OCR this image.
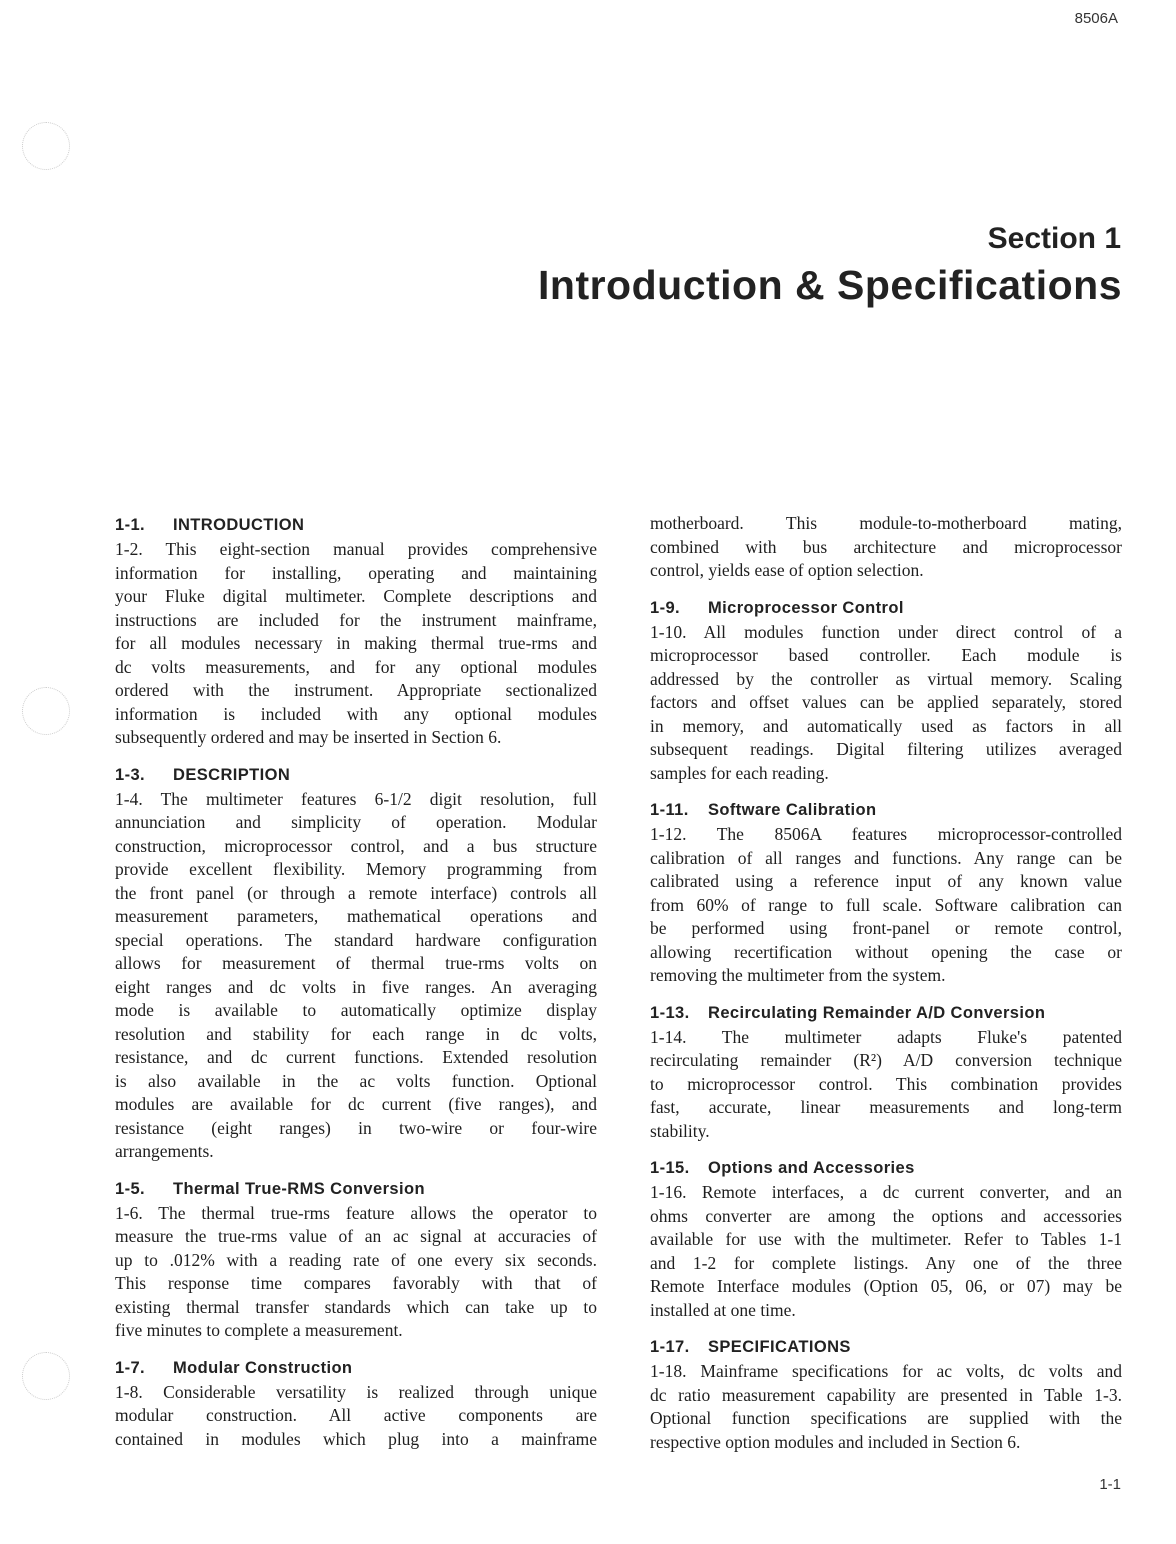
8506A
Section 1
Introduction & Specifications
1-1. INTRODUCTION
1-2. This eight-section manual provides comprehensive
information for installing, operating and maintaining
your Fluke digital multimeter. Complete descriptions and
instructions are included for the instrument mainframe,
for all modules necessary in making thermal true-rms and
dc volts measurements, and for any optional modules
ordered with the instrument. Appropriate sectionalized
information is included with any optional modules
subsequently ordered and may be inserted in Section 6.
1-3. DESCRIPTION
1-4. The multimeter features 6-1/2 digit resolution, full
annunciation and simplicity of operation. Modular
construction, microprocessor control, and a bus structure
provide excellent flexibility. Memory programming from
the front panel (or through a remote interface) controls all
measurement parameters, mathematical operations and
special operations. The standard hardware configuration
allows for measurement of thermal true-rms volts on
eight ranges and dc volts in five ranges. An averaging
mode is available to automatically optimize display
resolution and stability for each range in dc volts,
resistance, and dc current functions. Extended resolution
is also available in the ac volts function. Optional
modules are available for dc current (five ranges), and
resistance (eight ranges) in two-wire or four-wire
arrangements.
1-5. Thermal True-RMS Conversion
1-6. The thermal true-rms feature allows the operator to
measure the true-rms value of an ac signal at accuracies of
up to .012% with a reading rate of one every six seconds.
This response time compares favorably with that of
existing thermal transfer standards which can take up to
five minutes to complete a measurement.
1-7. Modular Construction
1-8. Considerable versatility is realized through unique
modular construction. All active components are
contained in modules which plug into a mainframe
motherboard. This module-to-motherboard mating,
combined with bus architecture and microprocessor
control, yields ease of option selection.
1-9. Microprocessor Control
1-10. All modules function under direct control of a
microprocessor based controller. Each module is
addressed by the controller as virtual memory. Scaling
factors and offset values can be applied separately, stored
in memory, and automatically used as factors in all
subsequent readings. Digital filtering utilizes averaged
samples for each reading.
1-11. Software Calibration
1-12. The 8506A features microprocessor-controlled
calibration of all ranges and functions. Any range can be
calibrated using a reference input of any known value
from 60% of range to full scale. Software calibration can
be performed using front-panel or remote control,
allowing recertification without opening the case or
removing the multimeter from the system.
1-13. Recirculating Remainder A/D Conversion
1-14. The multimeter adapts Fluke's patented
recirculating remainder (R²) A/D conversion technique
to microprocessor control. This combination provides
fast, accurate, linear measurements and long-term
stability.
1-15. Options and Accessories
1-16. Remote interfaces, a dc current converter, and an
ohms converter are among the options and accessories
available for use with the multimeter. Refer to Tables 1-1
and 1-2 for complete listings. Any one of the three
Remote Interface modules (Option 05, 06, or 07) may be
installed at one time.
1-17. SPECIFICATIONS
1-18. Mainframe specifications for ac volts, dc volts and
dc ratio measurement capability are presented in Table 1-3.
Optional function specifications are supplied with the
respective option modules and included in Section 6.
1-1
